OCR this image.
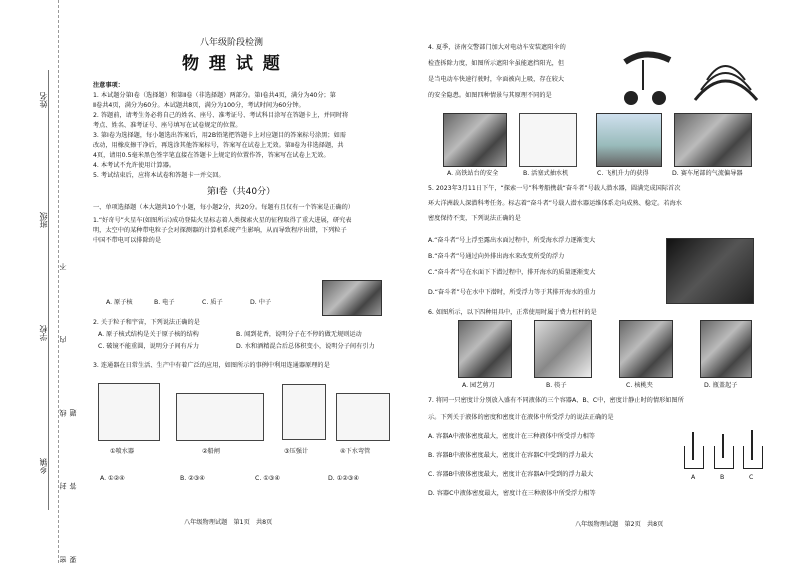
姓名
班级
学校
乡镇 密 封 线 内 不 要 答 题
八年级阶段检测
物 理 试 题
注意事项：
1. 本试题分第Ⅰ卷（选择题）和第Ⅱ卷（非选择题）两部分。第Ⅰ卷共4页，满分为40分；第
Ⅱ卷共4页，满分为60分。本试题共8页，满分为100分，考试时间为60分钟。
2. 答题前，请考生务必将自己的姓名、座号、准考证号、考试科目涂写在答题卡上，并同时将
考点、姓名、准考证号、座号填写在试卷规定的位置。
3. 第Ⅰ卷为选择题，每小题选出答案后，用2B铅笔把答题卡上对应题目的答案标号涂黑；如需
改动，用橡皮擦干净后，再选涂其他答案标号，答案写在试卷上无效。第Ⅱ卷为非选择题，共
4页，请用0.5毫米黑色签字笔直接在答题卡上规定的位置作答，答案写在试卷上无效。
4. 本考试不允许使用计算器。
5. 考试结束后，应将本试卷和答题卡一并交回。
第Ⅰ卷（共40分）
一、单项选择题（本大题共10个小题，每小题2分，共20分。每题有且仅有一个答案是正确的）
1.“好奇号”火星车(如图所示)成功登陆火星标志着人类探索火星的征程取得了重大进展，研究表
明，太空中的某种带电粒子会对探测器的计算机系统产生影响，从而导致程序出错，下列粒子
中国不带电可以排除的是
A. 原子核	B. 电子	C. 质子	D. 中子
2. 关于粒子和宇宙，下列说法正确的是
A. 原子核式结构是关于原子核的结构	B. 闻到花香，说明分子在不停的做无规则运动
C. 破镜不能重圆，说明分子间有斥力	D. 水和酒精混合后总体积变小，说明分子间有引力
3. 连通器在日常生活、生产中有着广泛的应用，如图所示的事例中利用连通器原理的是
①喷水器	②船闸	③压强计	④下水弯管
A. ①②④	B. ②③④	C. ①③④	D. ①②③④
八年级物理试题　第1页　共8页
4. 夏季，济南交警部门加大对电动车安装遮阳伞的
检查拆除力度，如图所示遮阳伞虽能遮挡阳光，但
是当电动车快速行驶时，伞面被向上吸，存在较大
的安全隐患。如图四种情景与其原理不同的是
A. 高铁站台的安全	B. 活塞式抽水机	C. 飞机升力的获得	D. 赛车尾部的气流偏导器
5. 2023年3月11日下午，“探索一号”科考船携载“奋斗者”号载人潜水器，圆满完成国际首次
环大洋洲载人深潜科考任务。标志着“奋斗者”号载人潜水器运维体系走向成熟、稳定。若海水
密度保持不变，下列说法正确的是
A.“奋斗者”号上浮至露出水面过程中，所受海水浮力逐渐变大
B.“奋斗者”号通过向外排出海水来改变所受的浮力
C.“奋斗者”号在水面下下潜过程中，排开海水的质量逐渐变大
D.“奋斗者”号在水中下潜时，所受浮力等于其排开海水的重力
6. 如图所示，以下四种用具中，正常使用时属于费力杠杆的是
A. 园艺剪刀	B. 筷子	C. 核桃夹	D. 瓶盖起子
7. 将同一只密度计分别放入盛有不同液体的三个容器A、B、C中，密度计静止时的情形如图所
示。下列关于液体的密度和密度计在液体中所受浮力的说法正确的是
A. 容器A中液体密度最大，密度计在三种液体中所受浮力相等
B. 容器B中液体密度最大，密度计在容器C中受到的浮力最大
C. 容器B中液体密度最大，密度计在容器A中受到的浮力最大
D. 容器C中液体密度最大，密度计在三种液体中所受浮力相等
A	B	C
八年级物理试题　第2页　共8页
